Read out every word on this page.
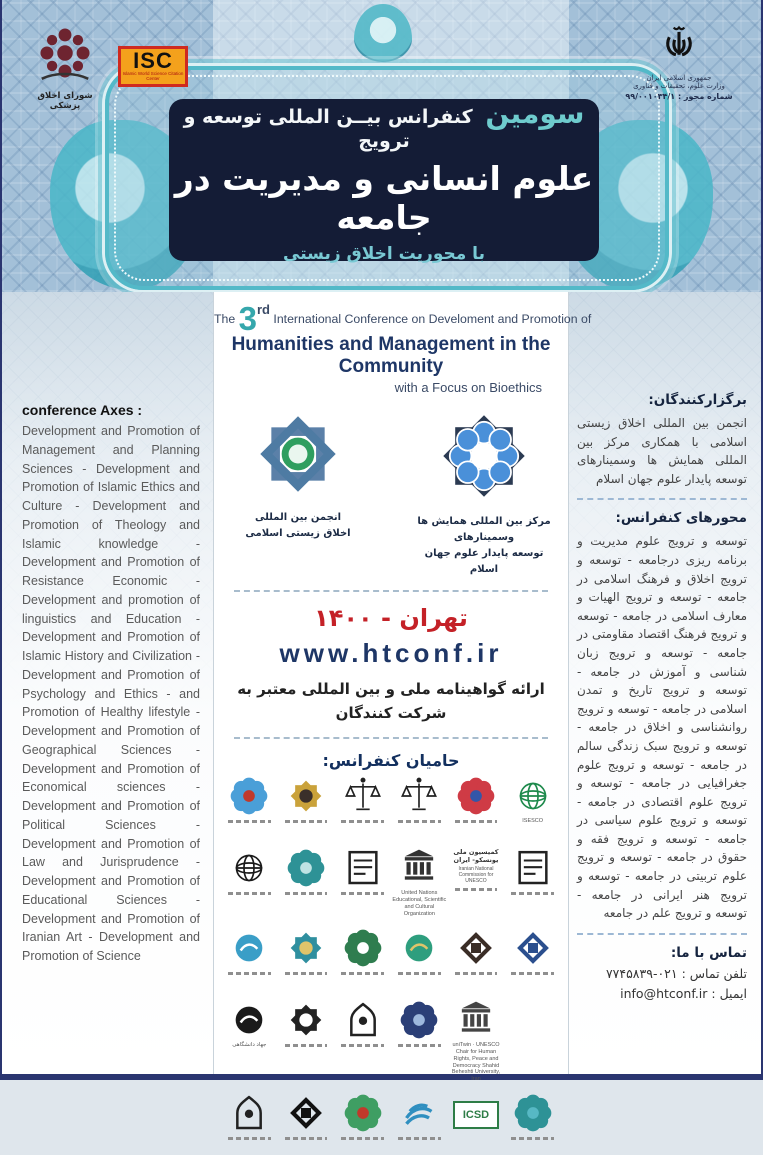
سومین کنفرانس بیــن المللی توسعه و ترویج
علوم انسانی و مدیریت در جامعه
با محوریت اخلاق زیستی
شورای اخلاق پزشکی
ISC
Islamic World Science Citation Center	جمهوری اسلامی ایران
وزارت علوم، تحقیقات و فناوری
شماره مجوز : ۹۹/۰۰۱۰۳۴/۱
conference Axes :

Development and Promotion of Management and Planning Sciences - Development and Promotion of Islamic Ethics and Culture - Development and Promotion of Theology and Islamic knowledge - Development and Promotion of Resistance Economic - Development and promotion of linguistics and Education - Development and Promotion of Islamic History and Civilization - Development and Promotion of Psychology and Ethics - and Promotion of Healthy lifestyle - Development and Promotion of Geographical Sciences - Development and Promotion of Economical sciences - Development and Promotion of Political Sciences - Development and Promotion of Law and Jurisprudence - Development and Promotion of Educational Sciences - Development and Promotion of Iranian Art - Development and Promotion of Science

برگزارکنندگان:

انجمن بین المللی اخلاق زیستی اسلامی با همکاری مرکز بین المللی همایش ها وسمینارهای توسعه پایدار علوم جهان اسلام

محورهای کنفرانس:

توسعه و ترویج علوم مدیریت و برنامه ریزی درجامعه - توسعه و ترویج اخلاق و فرهنگ اسلامی در جامعه - توسعه و ترویج الهیات و معارف اسلامی در جامعه - توسعه و ترویج فرهنگ اقتصاد مقاومتی در جامعه - توسعه و ترویج زبان شناسی و آموزش در جامعه - توسعه و ترویج تاریخ و تمدن اسلامی در جامعه - توسعه و ترویج روانشناسی و اخلاق در جامعه - توسعه و ترویج سبک زندگی سالم در جامعه - توسعه و ترویج علوم جغرافیایی در جامعه - توسعه و ترویج علوم اقتصادی در جامعه - توسعه و ترویج علوم سیاسی در جامعه - توسعه و ترویج فقه و حقوق در جامعه - توسعه و ترویج علوم تربیتی در جامعه - توسعه و ترویج هنر ایرانی در جامعه - توسعه و ترویج علم در جامعه

تماس با ما:
تلفن تماس : ۰۲۱-۷۷۴۵۸۳۹
ایمیل : info@htconf.ir
The 3rd International Conference on Develoment and Promotion of
Humanities and Management in the Community
with a Focus on Bioethics
انجمن بین المللی
اخلاق زیستی اسلامی
مرکز بین المللی همایش ها وسمینارهای
توسعه پایدار علوم جهان اسلام
تهران - ۱۴۰۰
www.htconf.ir
ارائه گواهینامه ملی و بین المللی معتبر به
شرکت کنندگان
حامیان کنفرانس:
ISESCO
United Nations Educational, Scientific and Cultural Organization
کمیسیون ملی یونسکو- ایران
Iranian National Commission for UNESCO
جهاد دانشگاهی	uniTwin · UNESCO Chair for Human Rights, Peace and Democracy Shahid Beheshti University, Iran
ICSD
